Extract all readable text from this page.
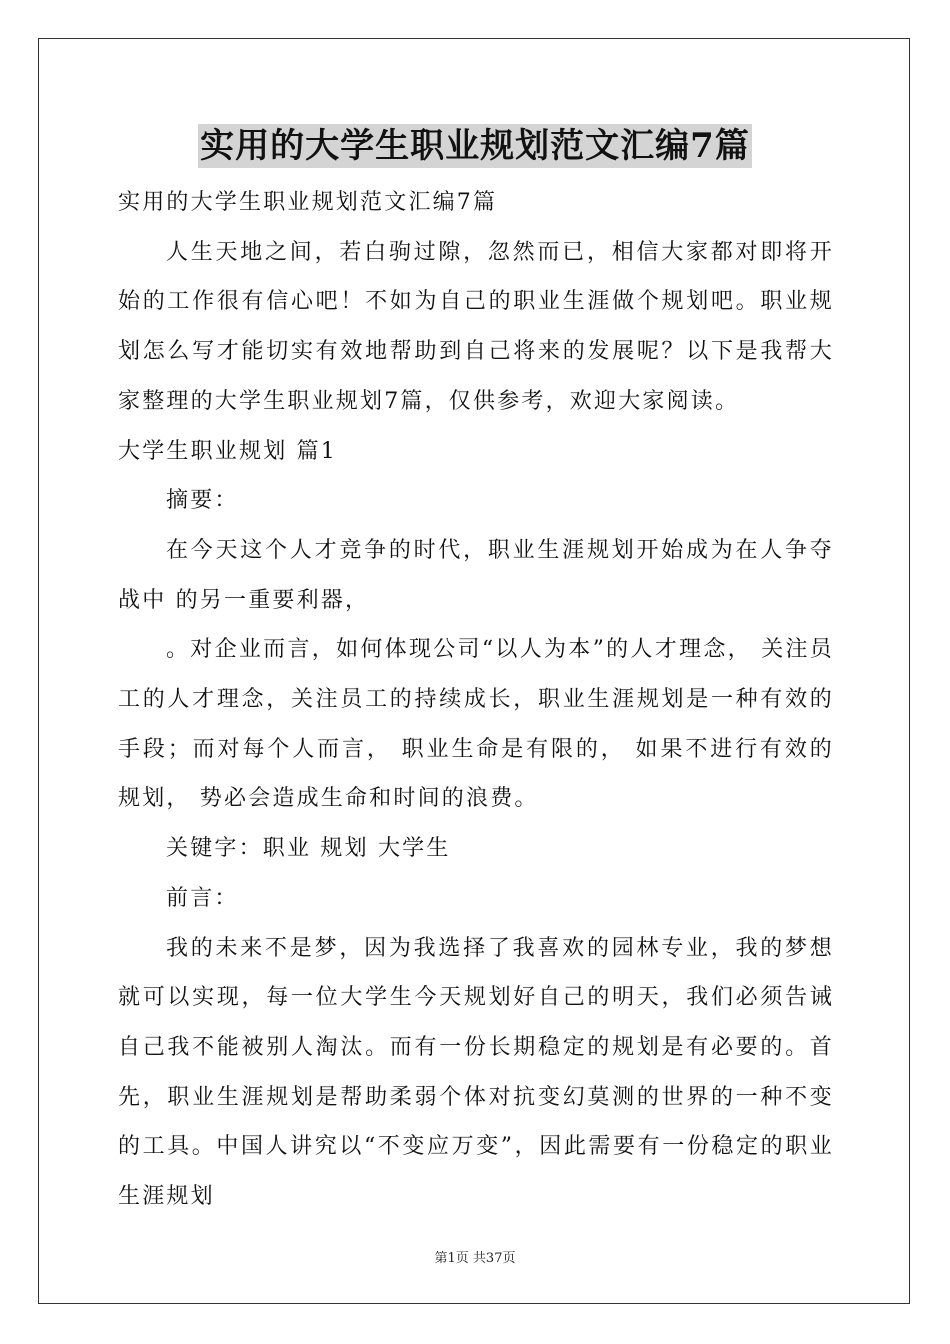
实用的大学生职业规划范文汇编7篇

实用的大学生职业规划范文汇编7篇

人生天地之间，若白驹过隙，忽然而已，相信大家都对即将开始的工作很有信心吧！不如为自己的职业生涯做个规划吧。职业规划怎么写才能切实有效地帮助到自己将来的发展呢？以下是我帮大家整理的大学生职业规划7篇，仅供参考，欢迎大家阅读。

大学生职业规划 篇1

摘要：

在今天这个人才竞争的时代，职业生涯规划开始成为在人争夺战中 的另一重要利器，

。对企业而言，如何体现公司“以人为本”的人才理念， 关注员工的人才理念，关注员工的持续成长，职业生涯规划是一种有效的手段；而对每个人而言， 职业生命是有限的， 如果不进行有效的规划， 势必会造成生命和时间的浪费。

关键字：职业 规划 大学生

前言：

我的未来不是梦，因为我选择了我喜欢的园林专业，我的梦想就可以实现，每一位大学生今天规划好自己的明天，我们必须告诫自己我不能被别人淘汰。而有一份长期稳定的规划是有必要的。首先，职业生涯规划是帮助柔弱个体对抗变幻莫测的世界的一种不变的工具。中国人讲究以“不变应万变”，因此需要有一份稳定的职业生涯规划

第1页 共37页
